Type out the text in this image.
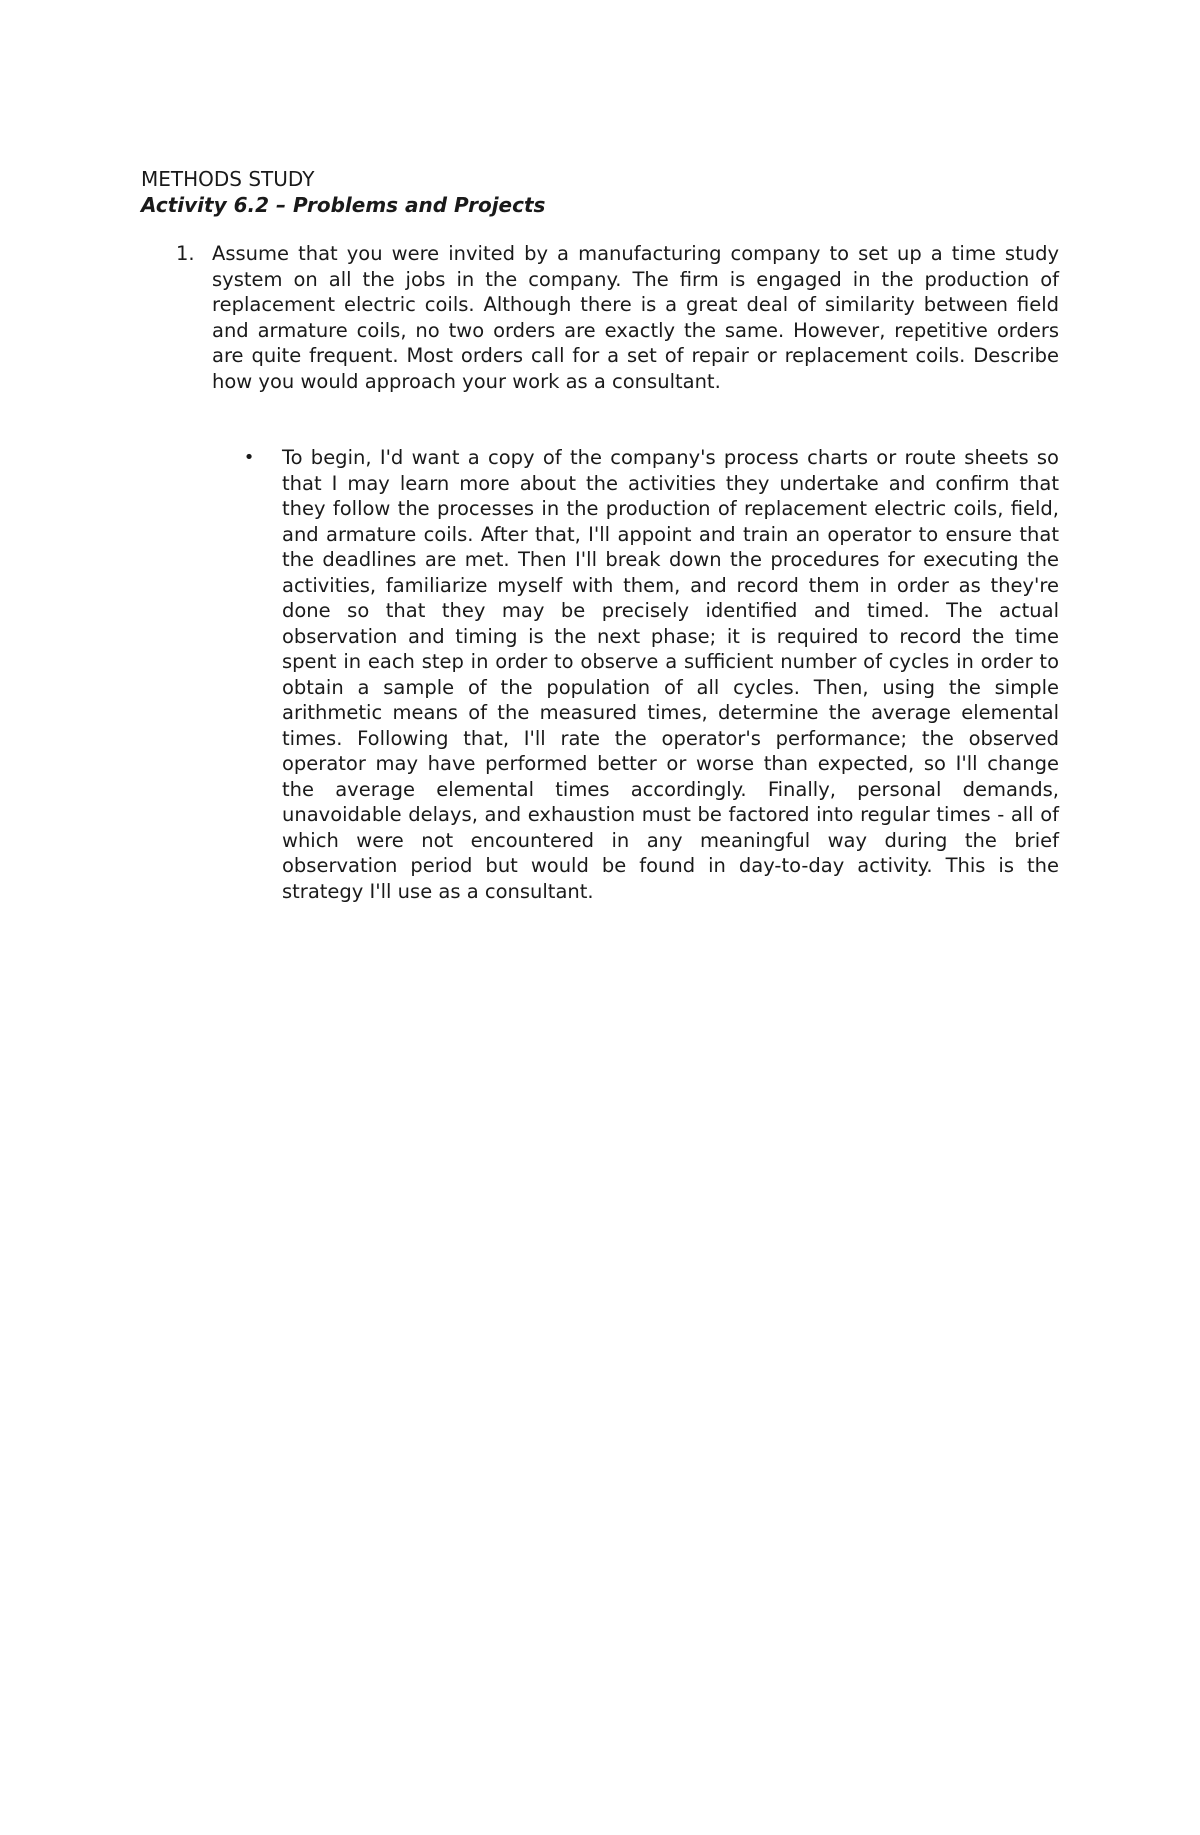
METHODS STUDY
Activity 6.2 – Problems and Projects
1. Assume that you were invited by a manufacturing company to set up a time study system on all the jobs in the company. The firm is engaged in the production of replacement electric coils. Although there is a great deal of similarity between field and armature coils, no two orders are exactly the same. However, repetitive orders are quite frequent. Most orders call for a set of repair or replacement coils. Describe how you would approach your work as a consultant.

• To begin, I'd want a copy of the company's process charts or route sheets so that I may learn more about the activities they undertake and confirm that they follow the processes in the production of replacement electric coils, field, and armature coils. After that, I'll appoint and train an operator to ensure that the deadlines are met. Then I'll break down the procedures for executing the activities, familiarize myself with them, and record them in order as they're done so that they may be precisely identified and timed. The actual observation and timing is the next phase; it is required to record the time spent in each step in order to observe a sufficient number of cycles in order to obtain a sample of the population of all cycles. Then, using the simple arithmetic means of the measured times, determine the average elemental times. Following that, I'll rate the operator's performance; the observed operator may have performed better or worse than expected, so I'll change the average elemental times accordingly. Finally, personal demands, unavoidable delays, and exhaustion must be factored into regular times - all of which were not encountered in any meaningful way during the brief observation period but would be found in day-to-day activity. This is the strategy I'll use as a consultant.
